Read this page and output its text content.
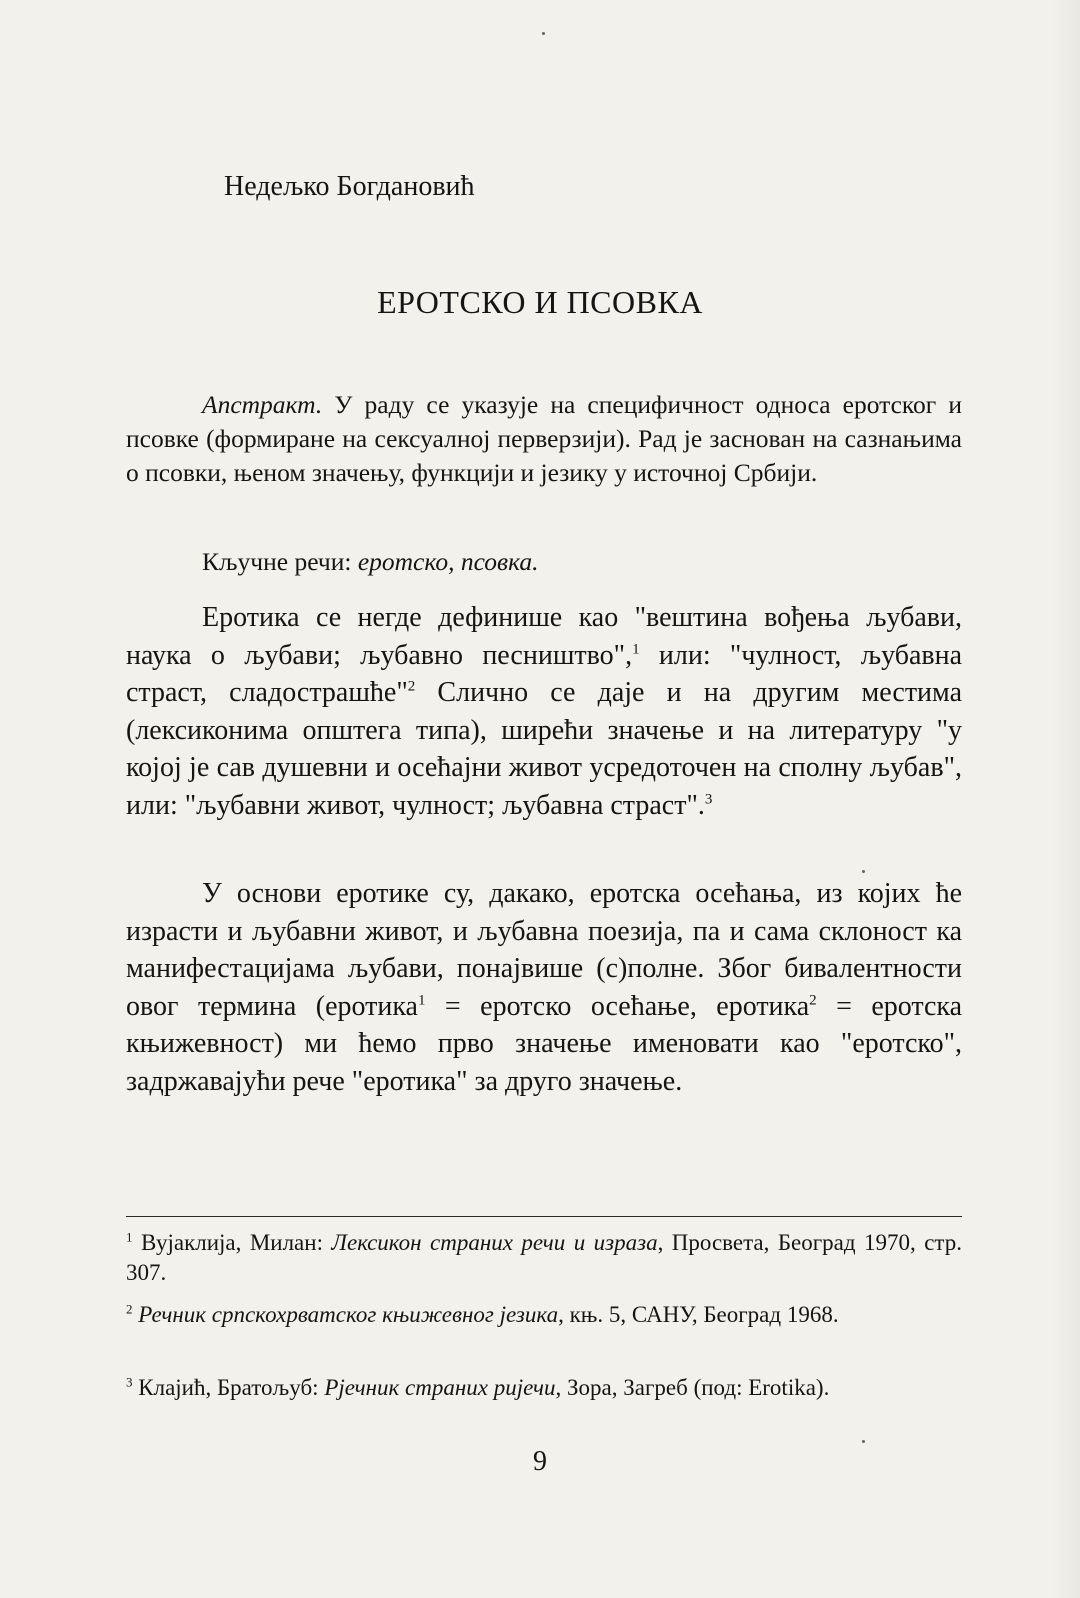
Недељко Богдановић
ЕРОТСКО И ПСОВКА
Апстракт. У раду се указује на специфичност односа еротског и псовке (формиране на сексуалној перверзији). Рад је заснован на сазнањима о псовки, њеном значењу, функцији и језику у источној Србији.
Кључне речи: еротско, псовка.
Еротика се негде дефинише као "вештина вођења љубави, наука о љубави; љубавно песништво",$^1$ или: "чулност, љубавна страст, сладострашће"$^2$ Слично се даје и на другим местима (лексиконима општега типа), ширећи значење и на литературу "у којој је сав душевни и осећајни живот усредоточен на сполну љубав", или: "љубавни живот, чулност; љубавна страст".$^3$
У основи еротике су, дакако, еротска осећања, из којих ће израсти и љубавни живот, и љубавна поезија, па и сама склоност ка манифестацијама љубави, понајвише (с)полне. Због бивалентности овог термина (еротика$^1$ = еротско осећање, еротика$^2$ = еротска књижевност) ми ћемо прво значење именовати као "еротско", задржавајући рече "еротика" за друго значење.
$^1$ Вујаклија, Милан: Лексикон страних речи и израза, Просвета, Београд 1970, стр. 307.
$^2$ Речник српскохрватског књижевног језика, књ. 5, САНУ, Београд 1968.
$^3$ Клајић, Братољуб: Рјечник страних ријечи, Зора, Загреб (под: Erotika).
9
